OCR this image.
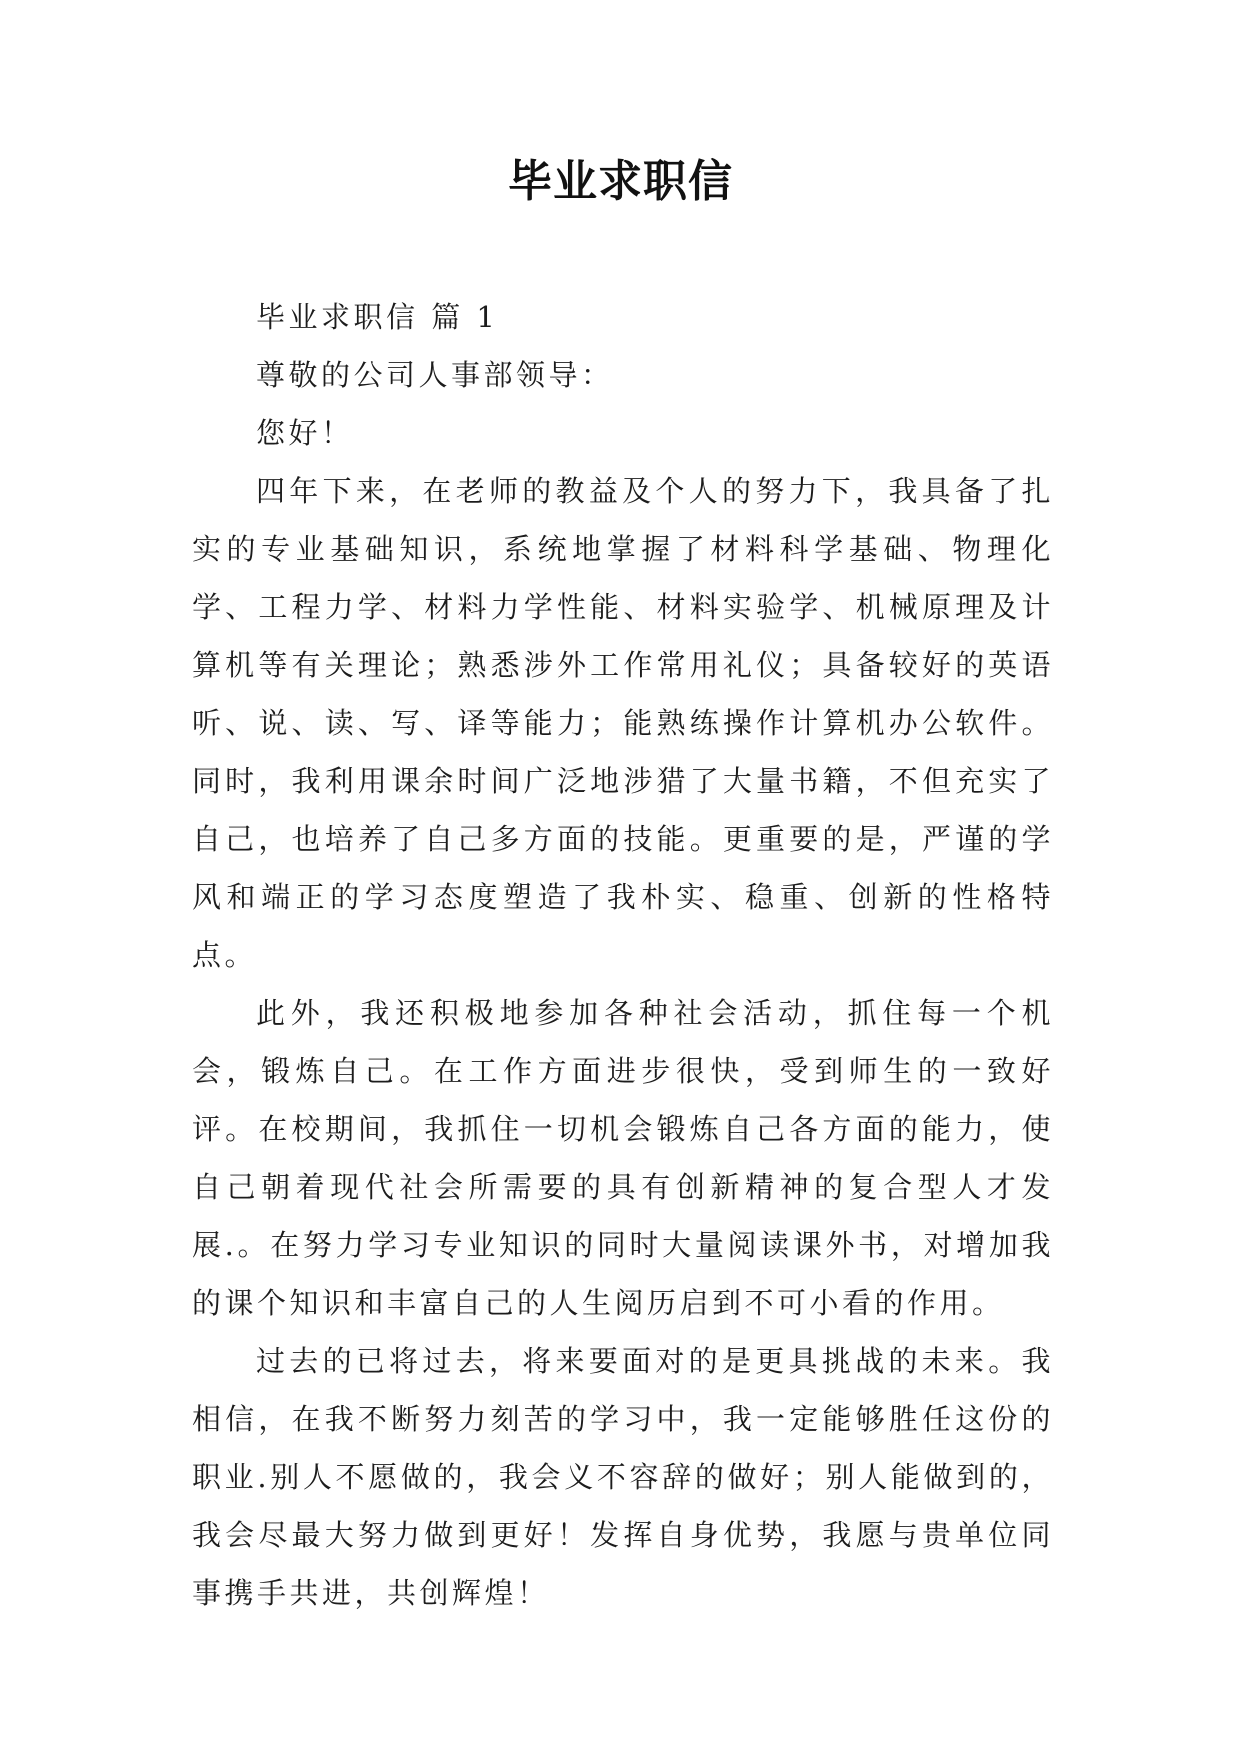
毕业求职信

毕业求职信 篇 1

尊敬的公司人事部领导：

您好！

四年下来，在老师的教益及个人的努力下，我具备了扎实的专业基础知识，系统地掌握了材料科学基础、物理化学、工程力学、材料力学性能、材料实验学、机械原理及计算机等有关理论；熟悉涉外工作常用礼仪；具备较好的英语听、说、读、写、译等能力；能熟练操作计算机办公软件。同时，我利用课余时间广泛地涉猎了大量书籍，不但充实了自己，也培养了自己多方面的技能。更重要的是，严谨的学风和端正的学习态度塑造了我朴实、稳重、创新的性格特点。

此外，我还积极地参加各种社会活动，抓住每一个机会，锻炼自己。在工作方面进步很快，受到师生的一致好评。在校期间，我抓住一切机会锻炼自己各方面的能力，使自己朝着现代社会所需要的具有创新精神的复合型人才发展.。在努力学习专业知识的同时大量阅读课外书，对增加我的课个知识和丰富自己的人生阅历启到不可小看的作用。

过去的已将过去，将来要面对的是更具挑战的未来。我相信，在我不断努力刻苦的学习中，我一定能够胜任这份的职业.别人不愿做的，我会义不容辞的做好；别人能做到的，我会尽最大努力做到更好！发挥自身优势，我愿与贵单位同事携手共进，共创辉煌！
